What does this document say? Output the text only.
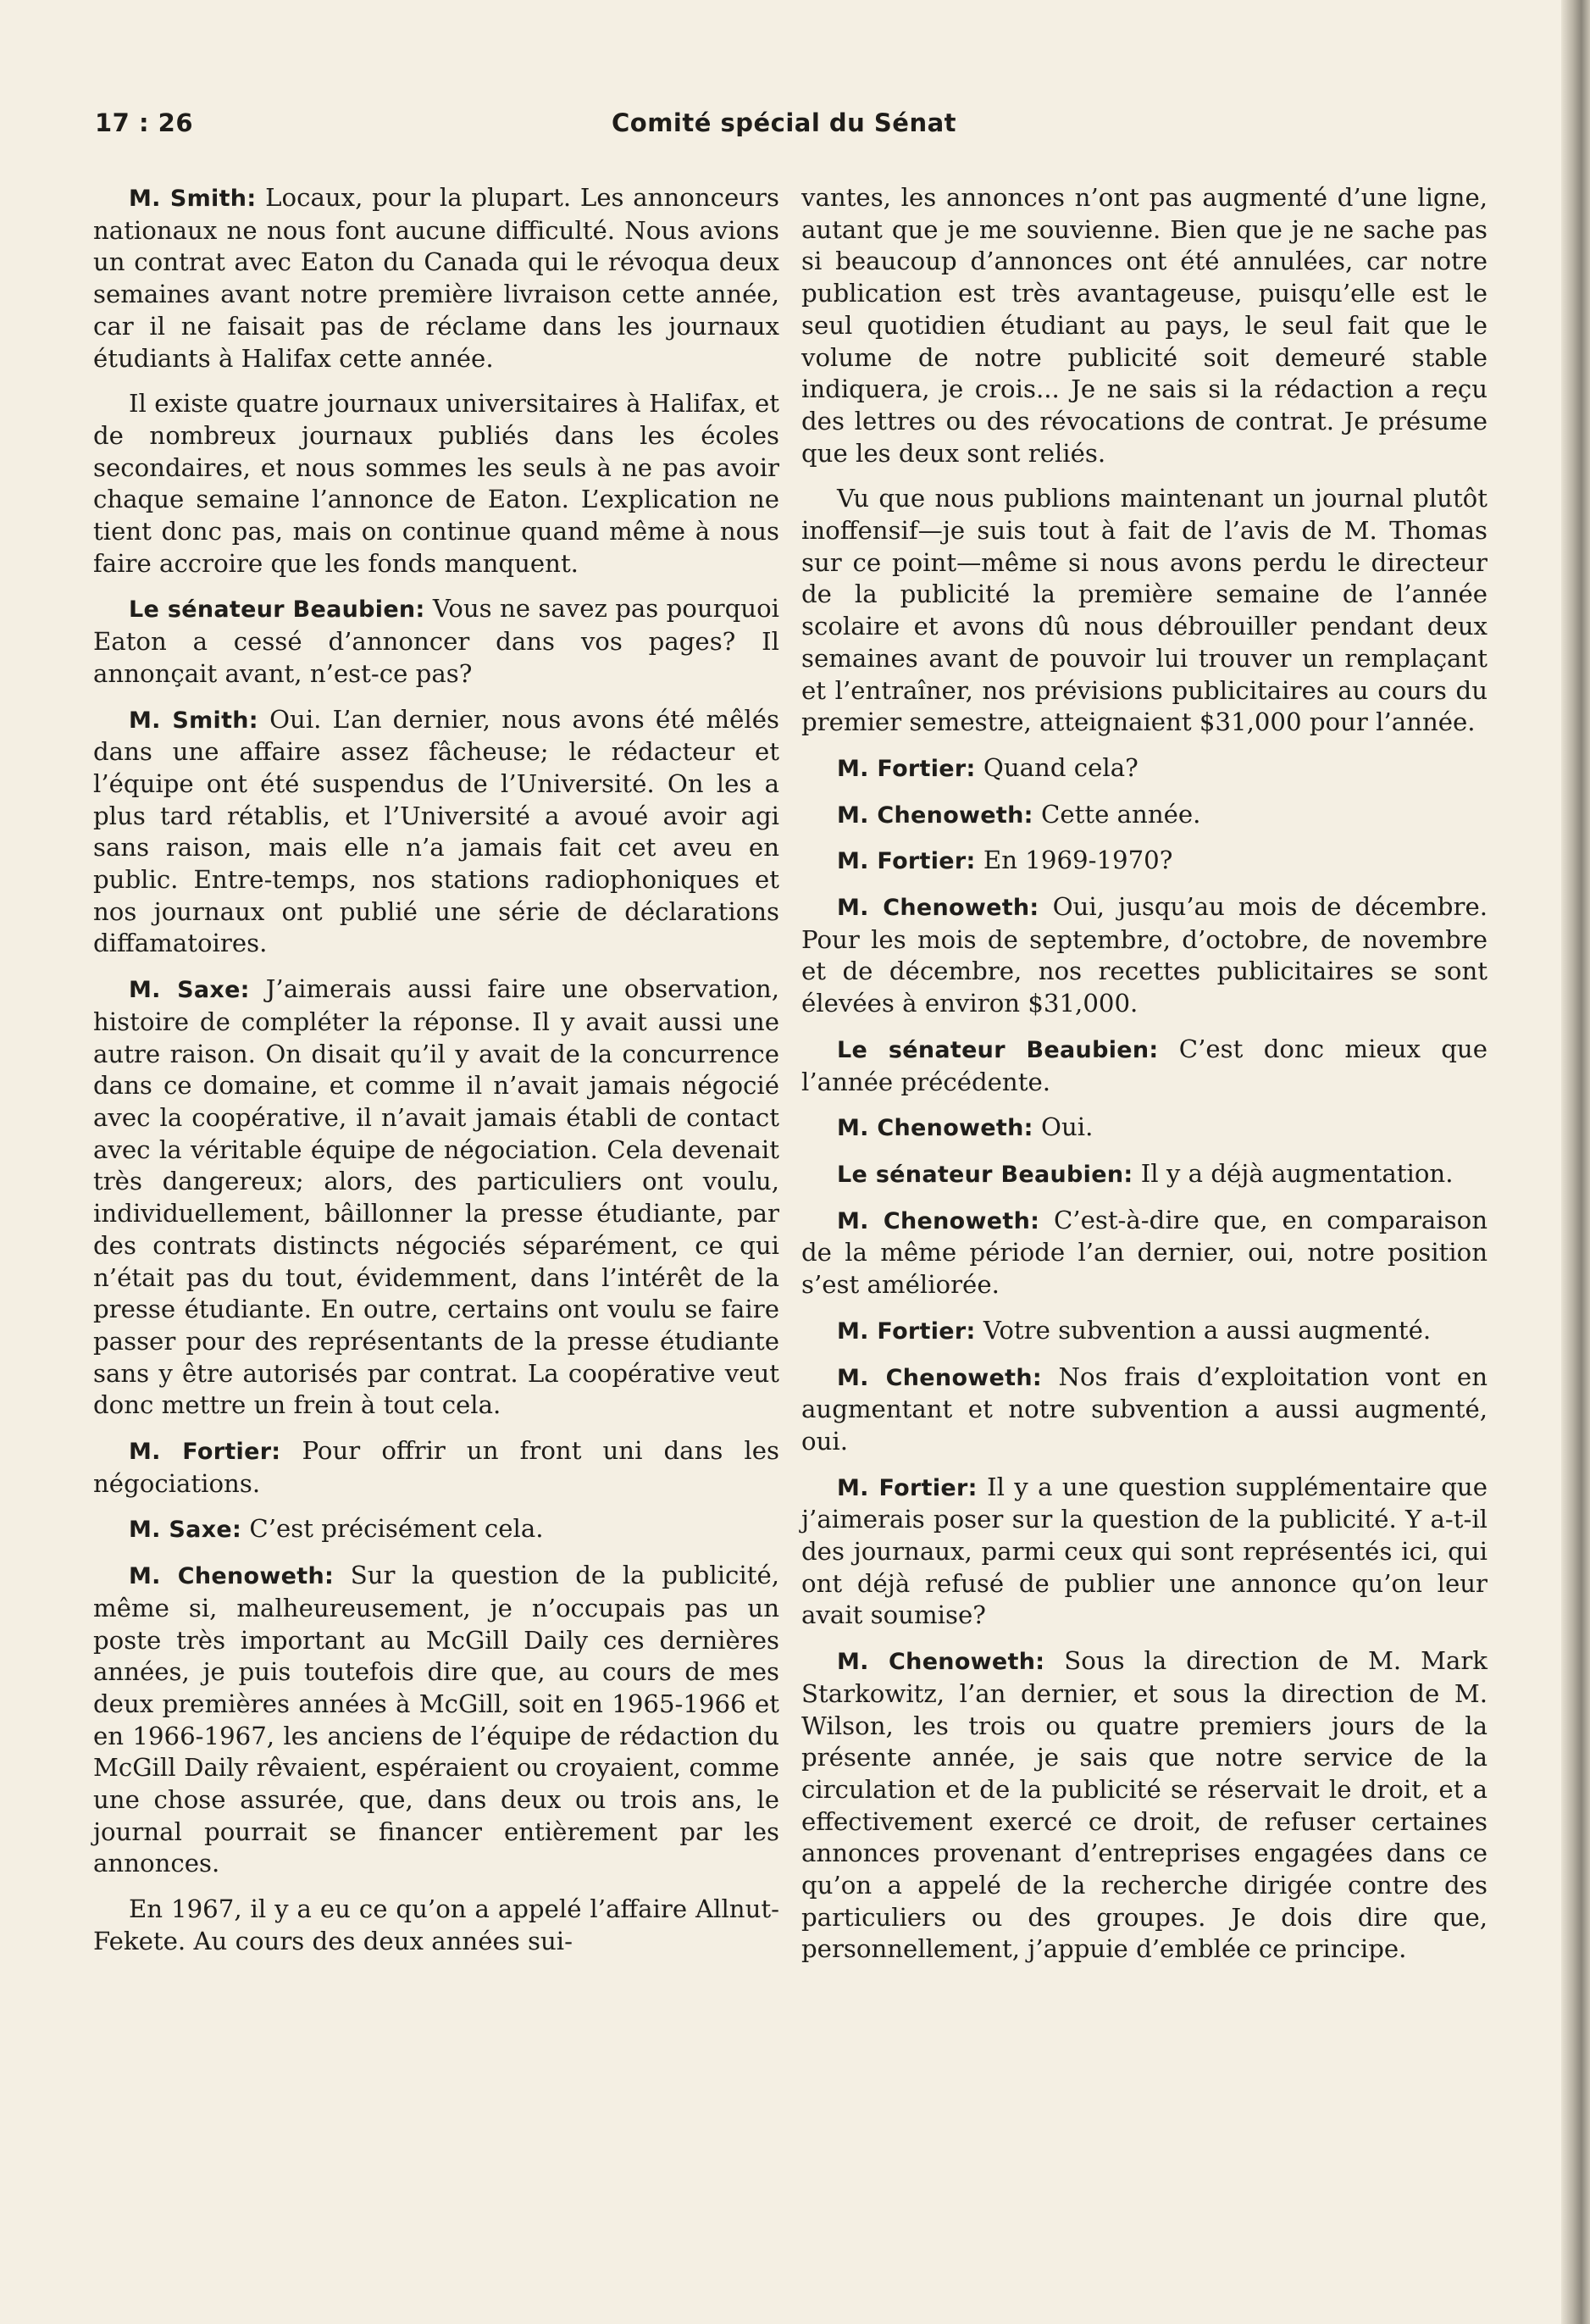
17 : 26	Comité spécial du Sénat

M. Smith: Locaux, pour la plupart. Les annonceurs nationaux ne nous font aucune difficulté. Nous avions un contrat avec Eaton du Canada qui le révoqua deux semaines avant notre première livraison cette année, car il ne faisait pas de réclame dans les journaux étudiants à Halifax cette année.

Il existe quatre journaux universitaires à Halifax, et de nombreux journaux publiés dans les écoles secondaires, et nous sommes les seuls à ne pas avoir chaque semaine l’annonce de Eaton. L’explication ne tient donc pas, mais on continue quand même à nous faire accroire que les fonds manquent.

Le sénateur Beaubien: Vous ne savez pas pourquoi Eaton a cessé d’annoncer dans vos pages? Il annonçait avant, n’est-ce pas?

M. Smith: Oui. L’an dernier, nous avons été mêlés dans une affaire assez fâcheuse; le rédacteur et l’équipe ont été suspendus de l’Université. On les a plus tard rétablis, et l’Université a avoué avoir agi sans raison, mais elle n’a jamais fait cet aveu en public. Entre-temps, nos stations radiophoniques et nos journaux ont publié une série de déclarations diffamatoires.

M. Saxe: J’aimerais aussi faire une observation, histoire de compléter la réponse. Il y avait aussi une autre raison. On disait qu’il y avait de la concurrence dans ce domaine, et comme il n’avait jamais négocié avec la coopérative, il n’avait jamais établi de contact avec la véritable équipe de négociation. Cela devenait très dangereux; alors, des particuliers ont voulu, individuellement, bâillonner la presse étudiante, par des contrats distincts négociés séparément, ce qui n’était pas du tout, évidemment, dans l’intérêt de la presse étudiante. En outre, certains ont voulu se faire passer pour des représentants de la presse étudiante sans y être autorisés par contrat. La coopérative veut donc mettre un frein à tout cela.

M. Fortier: Pour offrir un front uni dans les négociations.

M. Saxe: C’est précisément cela.

M. Chenoweth: Sur la question de la publicité, même si, malheureusement, je n’occupais pas un poste très important au McGill Daily ces dernières années, je puis toutefois dire que, au cours de mes deux premières années à McGill, soit en 1965-1966 et en 1966-1967, les anciens de l’équipe de rédaction du McGill Daily rêvaient, espéraient ou croyaient, comme une chose assurée, que, dans deux ou trois ans, le journal pourrait se financer entièrement par les annonces.

En 1967, il y a eu ce qu’on a appelé l’affaire Allnut-Fekete. Au cours des deux années sui-

vantes, les annonces n’ont pas augmenté d’une ligne, autant que je me souvienne. Bien que je ne sache pas si beaucoup d’annonces ont été annulées, car notre publication est très avantageuse, puisqu’elle est le seul quotidien étudiant au pays, le seul fait que le volume de notre publicité soit demeuré stable indiquera, je crois... Je ne sais si la rédaction a reçu des lettres ou des révocations de contrat. Je présume que les deux sont reliés.

Vu que nous publions maintenant un journal plutôt inoffensif—je suis tout à fait de l’avis de M. Thomas sur ce point—même si nous avons perdu le directeur de la publicité la première semaine de l’année scolaire et avons dû nous débrouiller pendant deux semaines avant de pouvoir lui trouver un remplaçant et l’entraîner, nos prévisions publicitaires au cours du premier semestre, atteignaient $31,000 pour l’année.

M. Fortier: Quand cela?

M. Chenoweth: Cette année.

M. Fortier: En 1969-1970?

M. Chenoweth: Oui, jusqu’au mois de décembre. Pour les mois de septembre, d’octobre, de novembre et de décembre, nos recettes publicitaires se sont élevées à environ $31,000.

Le sénateur Beaubien: C’est donc mieux que l’année précédente.

M. Chenoweth: Oui.

Le sénateur Beaubien: Il y a déjà augmentation.

M. Chenoweth: C’est-à-dire que, en comparaison de la même période l’an dernier, oui, notre position s’est améliorée.

M. Fortier: Votre subvention a aussi augmenté.

M. Chenoweth: Nos frais d’exploitation vont en augmentant et notre subvention a aussi augmenté, oui.

M. Fortier: Il y a une question supplémentaire que j’aimerais poser sur la question de la publicité. Y a-t-il des journaux, parmi ceux qui sont représentés ici, qui ont déjà refusé de publier une annonce qu’on leur avait soumise?

M. Chenoweth: Sous la direction de M. Mark Starkowitz, l’an dernier, et sous la direction de M. Wilson, les trois ou quatre premiers jours de la présente année, je sais que notre service de la circulation et de la publicité se réservait le droit, et a effectivement exercé ce droit, de refuser certaines annonces provenant d’entreprises engagées dans ce qu’on a appelé de la recherche dirigée contre des particuliers ou des groupes. Je dois dire que, personnellement, j’appuie d’emblée ce principe.
